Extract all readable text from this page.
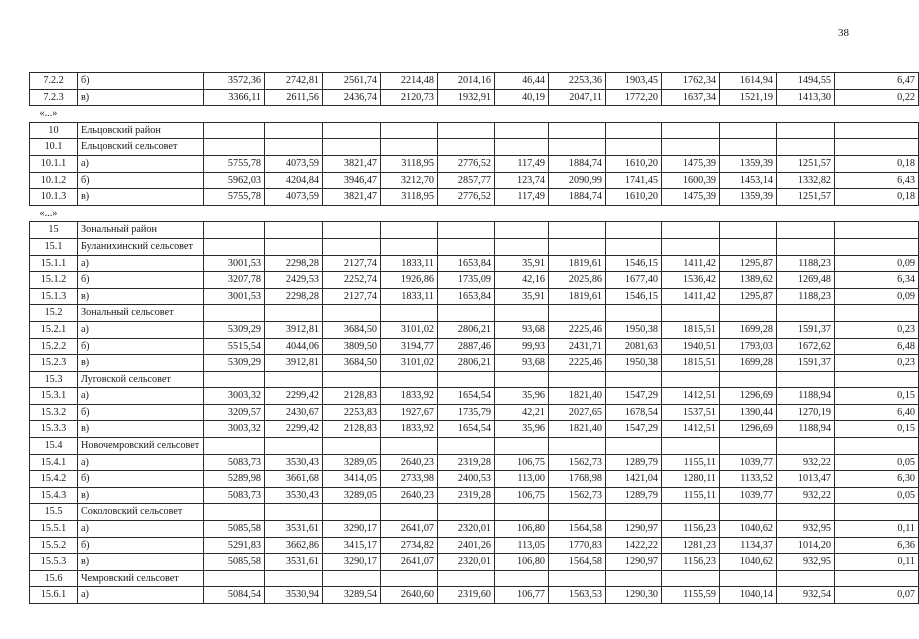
38
7.2.2	б)	3572,36	2742,81	2561,74	2214,48	2014,16	46,44	2253,36	1903,45	1762,34	1614,94	1494,55	6,47
7.2.3	в)	3366,11	2611,56	2436,74	2120,73	1932,91	40,19	2047,11	1772,20	1637,34	1521,19	1413,30	0,22
«...»													
10	Ельцовский район												
10.1	Ельцовский сельсовет												
10.1.1	а)	5755,78	4073,59	3821,47	3118,95	2776,52	117,49	1884,74	1610,20	1475,39	1359,39	1251,57	0,18
10.1.2	б)	5962,03	4204,84	3946,47	3212,70	2857,77	123,74	2090,99	1741,45	1600,39	1453,14	1332,82	6,43
10.1.3	в)	5755,78	4073,59	3821,47	3118,95	2776,52	117,49	1884,74	1610,20	1475,39	1359,39	1251,57	0,18
«...»													
15	Зональный район												
15.1	Буланихинский сельсовет												
15.1.1	а)	3001,53	2298,28	2127,74	1833,11	1653,84	35,91	1819,61	1546,15	1411,42	1295,87	1188,23	0,09
15.1.2	б)	3207,78	2429,53	2252,74	1926,86	1735,09	42,16	2025,86	1677,40	1536,42	1389,62	1269,48	6,34
15.1.3	в)	3001,53	2298,28	2127,74	1833,11	1653,84	35,91	1819,61	1546,15	1411,42	1295,87	1188,23	0,09
15.2	Зональный сельсовет												
15.2.1	а)	5309,29	3912,81	3684,50	3101,02	2806,21	93,68	2225,46	1950,38	1815,51	1699,28	1591,37	0,23
15.2.2	б)	5515,54	4044,06	3809,50	3194,77	2887,46	99,93	2431,71	2081,63	1940,51	1793,03	1672,62	6,48
15.2.3	в)	5309,29	3912,81	3684,50	3101,02	2806,21	93,68	2225,46	1950,38	1815,51	1699,28	1591,37	0,23
15.3	Луговской сельсовет												
15.3.1	а)	3003,32	2299,42	2128,83	1833,92	1654,54	35,96	1821,40	1547,29	1412,51	1296,69	1188,94	0,15
15.3.2	б)	3209,57	2430,67	2253,83	1927,67	1735,79	42,21	2027,65	1678,54	1537,51	1390,44	1270,19	6,40
15.3.3	в)	3003,32	2299,42	2128,83	1833,92	1654,54	35,96	1821,40	1547,29	1412,51	1296,69	1188,94	0,15
15.4	Новочемровский сельсовет												
15.4.1	а)	5083,73	3530,43	3289,05	2640,23	2319,28	106,75	1562,73	1289,79	1155,11	1039,77	932,22	0,05
15.4.2	б)	5289,98	3661,68	3414,05	2733,98	2400,53	113,00	1768,98	1421,04	1280,11	1133,52	1013,47	6,30
15.4.3	в)	5083,73	3530,43	3289,05	2640,23	2319,28	106,75	1562,73	1289,79	1155,11	1039,77	932,22	0,05
15.5	Соколовский сельсовет												
15.5.1	а)	5085,58	3531,61	3290,17	2641,07	2320,01	106,80	1564,58	1290,97	1156,23	1040,62	932,95	0,11
15.5.2	б)	5291,83	3662,86	3415,17	2734,82	2401,26	113,05	1770,83	1422,22	1281,23	1134,37	1014,20	6,36
15.5.3	в)	5085,58	3531,61	3290,17	2641,07	2320,01	106,80	1564,58	1290,97	1156,23	1040,62	932,95	0,11
15.6	Чемровский сельсовет												
15.6.1	а)	5084,54	3530,94	3289,54	2640,60	2319,60	106,77	1563,53	1290,30	1155,59	1040,14	932,54	0,07
